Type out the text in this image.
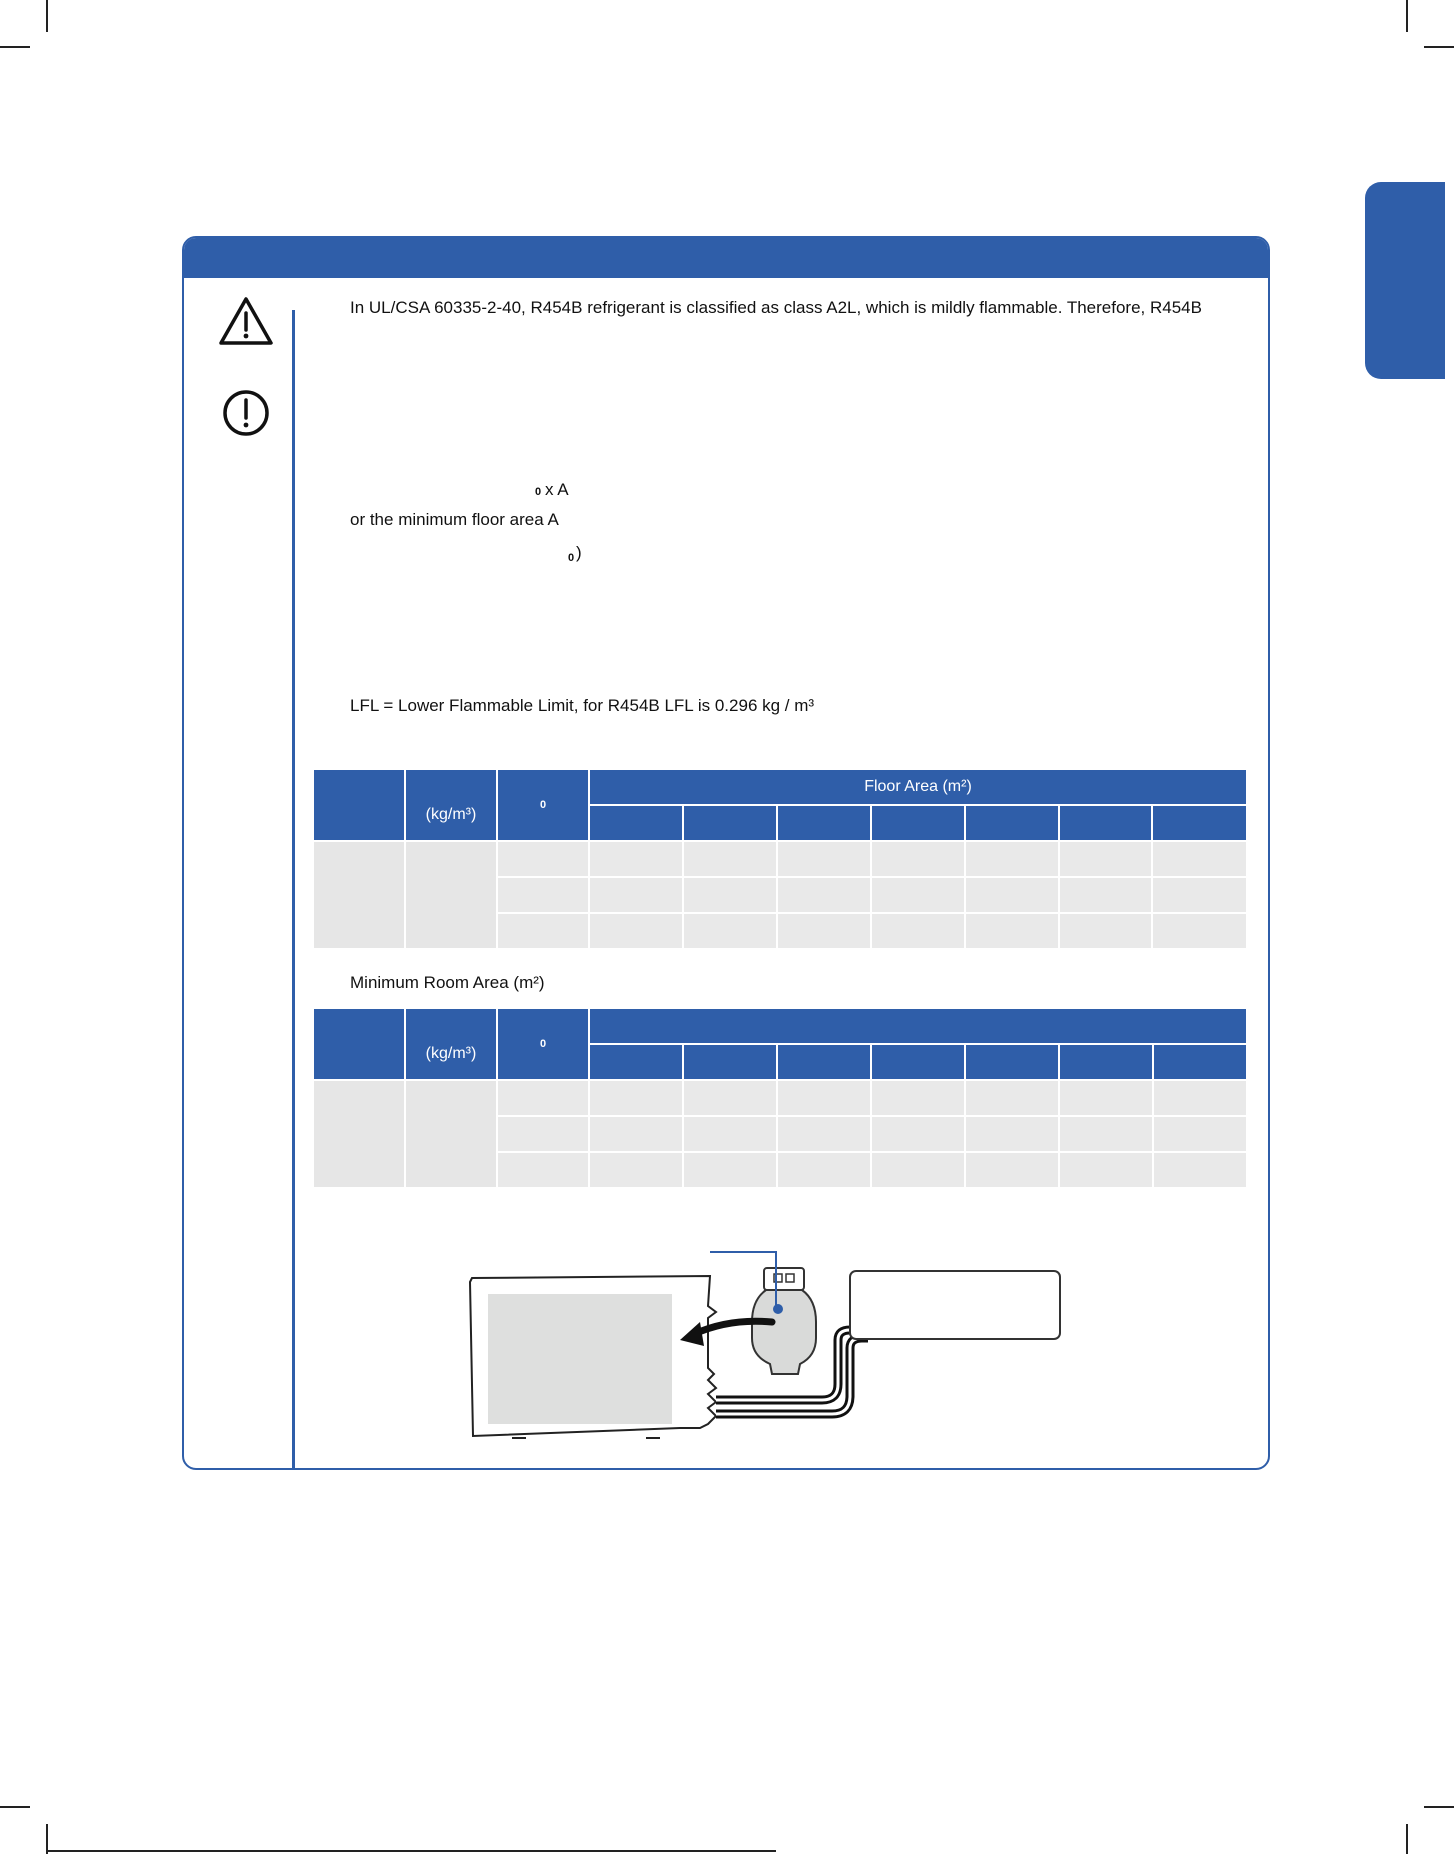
In UL/CSA 60335-2-40, R454B refrigerant is classified as class A2L, which is mildly flammable. Therefore, R454B
0 x A
or the minimum floor area A
0 )
LFL = Lower Flammable Limit, for R454B LFL is 0.296 kg / m³
	(kg/m³)	0	Floor Area (m²)						

Minimum Room Area (m²)
	(kg/m³)	0							
